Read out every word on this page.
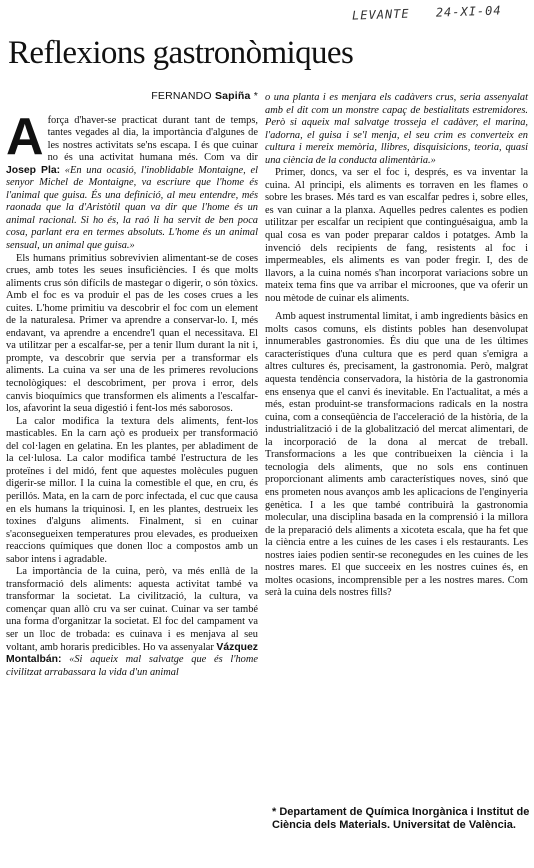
LEVANTE 24-XI-04
Reflexions gastronòmiques
FERNANDO Sapiña *

Aforça d'haver-se practicat durant tant de temps, tantes vegades al dia, la importància d'algunes de les nostres activitats se'ns escapa. I és que cuinar no és una activitat humana més. Com va dir Josep Pla: «En una ocasió, l'inoblidable Montaigne, el senyor Michel de Montaigne, va escriure que l'home és l'animal que guisa. És una definició, al meu entendre, més raonada que la d'Aristòtil quan va dir que l'home és un animal racional. Si ho és, la raó li ha servit de ben poca cosa, parlant era en termes absoluts. L'home és un animal sensual, un animal que guisa.»

Els humans primitius sobrevivien alimentant-se de coses crues, amb totes les seues insuficiències. I és que molts aliments crus són difícils de mastegar o digerir, o són tòxics. Amb el foc es va produir el pas de les coses crues a les cuites. L'home primitiu va descobrir el foc com un element de la naturalesa. Primer va aprendre a conservar-lo. I, més endavant, va aprendre a encendre'l quan el necessitava. El va utilitzar per a escalfar-se, per a tenir llum durant la nit i, prompte, va descobrir que servia per a transformar els aliments. La cuina va ser una de les primeres revolucions tecnològiques: el descobriment, per prova i error, dels canvis bioquímics que transformen els aliments a l'escalfar-los, afavorint la seua digestió i fent-los més saborosos.

La calor modifica la textura dels aliments, fent-los masticables. En la carn açò es produeix per transformació del col·lagen en gelatina. En les plantes, per abladiment de la cel·lulosa. La calor modifica també l'estructura de les proteïnes i del midó, fent que aquestes molècules puguen digerir-se millor. I la cuina la comestible el que, en cru, és perillós. Mata, en la carn de porc infectada, el cuc que causa en els humans la triquinosi. I, en les plantes, destrueix les toxines d'alguns aliments. Finalment, si en cuinar s'aconsegueixen temperatures prou elevades, es produeixen reaccions químiques que donen lloc a compostos amb un sabor intens i agradable.

La importància de la cuina, però, va més enllà de la transformació dels aliments: aquesta activitat també va transformar la societat. La civilització, la cultura, va començar quan allò cru va ser cuinat. Cuinar va ser també una forma d'organitzar la societat. El foc del campament va ser un lloc de trobada: es cuinava i es menjava al seu voltant, amb horaris predicibles. Ho va assenyalar Vázquez Montalbán: «Si aqueix mal salvatge que és l'home civilitzat arrabassara la vida d'un animal

o una planta i es menjara els cadàvers crus, seria assenyalat amb el dit com un monstre capaç de bestialitats estremidores. Però si aqueix mal salvatge trosseja el cadàver, el marina, l'adorna, el guisa i se'l menja, el seu crim es converteix en cultura i mereix memòria, llibres, disquisicions, teoria, quasi una ciència de la conducta alimentària.»

Primer, doncs, va ser el foc i, després, es va inventar la cuina. Al principi, els aliments es torraven en les flames o sobre les brases. Més tard es van escalfar pedres i, sobre elles, es van cuinar a la planxa. Aquelles pedres calentes es podien utilitzar per escalfar un recipient que continguésaigua, amb la qual cosa es van poder preparar caldos i potatges. Amb la invenció dels recipients de fang, resistents al foc i impermeables, els aliments es van poder fregir. I, des de llavors, a la cuina només s'han incorporat variacions sobre un mateix tema fins que va arribar el microones, que va oferir un nou mètode de cuinar els aliments.

Amb aquest instrumental limitat, i amb ingredients bàsics en molts casos comuns, els distints pobles han desenvolupat innumerables gastronomies. És diu que una de les últimes característiques d'una cultura que es perd quan s'emigra a altres cultures és, precisament, la gastronomia. Però, malgrat aquesta tendència conservadora, la història de la gastronomia ens ensenya que el canvi és inevitable. En l'actualitat, a més a més, estan produint-se transformacions radicals en la nostra cuina, com a conseqüència de l'acceleració de la història, de la industrialització i de la globalització del mercat alimentari, de la incorporació de la dona al mercat de treball. Transformacions a les que contribueixen la ciència i la tecnologia dels aliments, que no sols ens continuen proporcionant aliments amb característiques noves, sinó que ens prometen nous avanços amb les aplicacions de l'enginyeria genètica. I a les que també contribuirà la gastronomia molecular, una disciplina basada en la comprensió i la millora de la preparació dels aliments a xicoteta escala, que ha fet que la ciència entre a les cuines de les cases i els restaurants. Les nostres iaies podien sentir-se reconegudes en les cuines de les nostres mares. El que succeeix en les nostres cuines és, en moltes ocasions, incomprensible per a les nostres mares. Com serà la cuina dels nostres fills?

* Departament de Química Inorgànica i Institut de Ciència dels Materials. Universitat de València.
